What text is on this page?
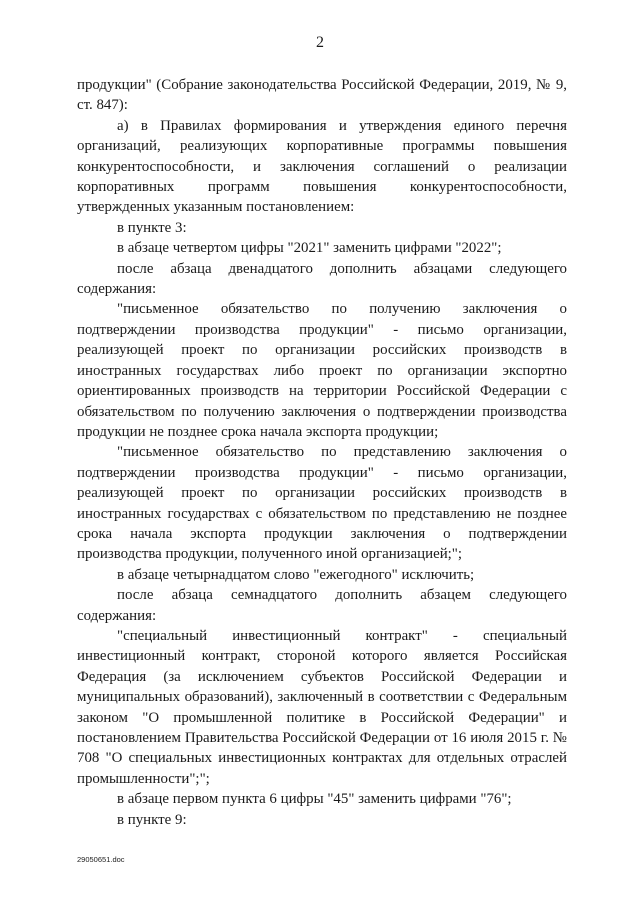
2

продукции" (Собрание законодательства Российской Федерации, 2019, № 9, ст. 847):

а) в Правилах формирования и утверждения единого перечня организаций, реализующих корпоративные программы повышения конкурентоспособности, и заключения соглашений о реализации корпоративных программ повышения конкурентоспособности, утвержденных указанным постановлением:

в пункте 3:

в абзаце четвертом цифры "2021" заменить цифрами "2022";

после абзаца двенадцатого дополнить абзацами следующего содержания:

"письменное обязательство по получению заключения о подтверждении производства продукции" - письмо организации, реализующей проект по организации российских производств в иностранных государствах либо проект по организации экспортно ориентированных производств на территории Российской Федерации с обязательством по получению заключения о подтверждении производства продукции не позднее срока начала экспорта продукции;

"письменное обязательство по представлению заключения о подтверждении производства продукции" - письмо организации, реализующей проект по организации российских производств в иностранных государствах с обязательством по представлению не позднее срока начала экспорта продукции заключения о подтверждении производства продукции, полученного иной организацией;";

в абзаце четырнадцатом слово "ежегодного" исключить;

после абзаца семнадцатого дополнить абзацем следующего содержания:

"специальный инвестиционный контракт" - специальный инвестиционный контракт, стороной которого является Российская Федерация (за исключением субъектов Российской Федерации и муниципальных образований), заключенный в соответствии с Федеральным законом "О промышленной политике в Российской Федерации" и постановлением Правительства Российской Федерации от 16 июля 2015 г. № 708 "О специальных инвестиционных контрактах для отдельных отраслей промышленности";";

в абзаце первом пункта 6 цифры "45" заменить цифрами "76";

в пункте 9:

29050651.doc
